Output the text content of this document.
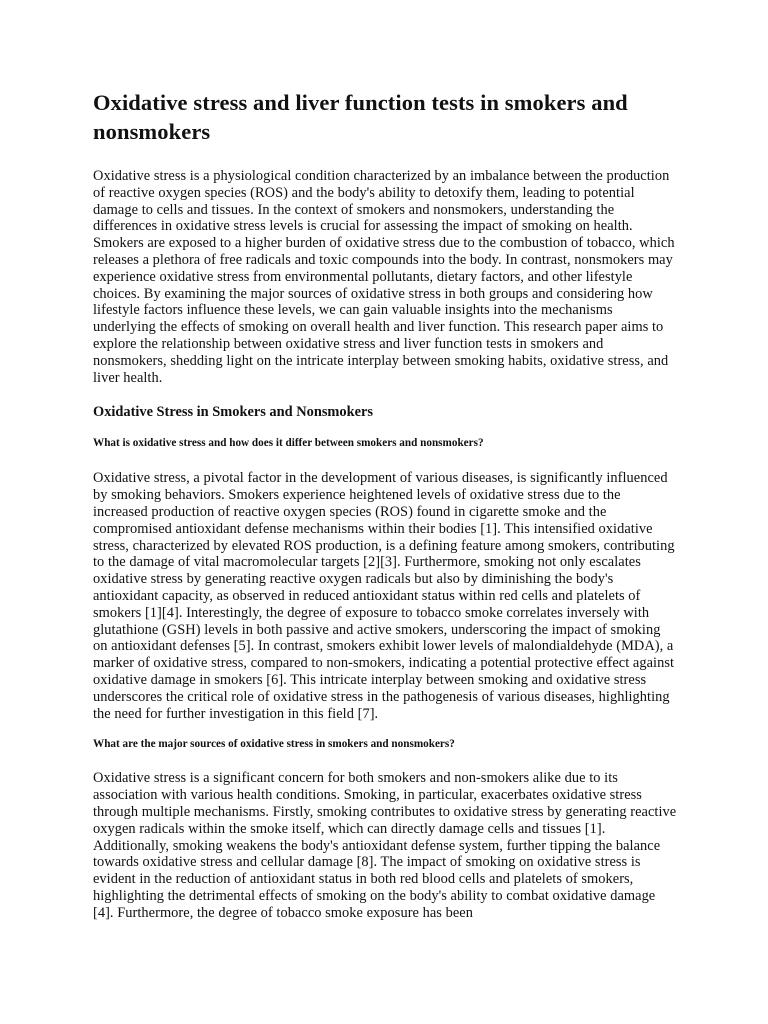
Oxidative stress and liver function tests in smokers and nonsmokers

Oxidative stress is a physiological condition characterized by an imbalance between the production of reactive oxygen species (ROS) and the body's ability to detoxify them, leading to potential damage to cells and tissues. In the context of smokers and nonsmokers, understanding the differences in oxidative stress levels is crucial for assessing the impact of smoking on health. Smokers are exposed to a higher burden of oxidative stress due to the combustion of tobacco, which releases a plethora of free radicals and toxic compounds into the body. In contrast, nonsmokers may experience oxidative stress from environmental pollutants, dietary factors, and other lifestyle choices. By examining the major sources of oxidative stress in both groups and considering how lifestyle factors influence these levels, we can gain valuable insights into the mechanisms underlying the effects of smoking on overall health and liver function. This research paper aims to explore the relationship between oxidative stress and liver function tests in smokers and nonsmokers, shedding light on the intricate interplay between smoking habits, oxidative stress, and liver health.

Oxidative Stress in Smokers and Nonsmokers
What is oxidative stress and how does it differ between smokers and nonsmokers?

Oxidative stress, a pivotal factor in the development of various diseases, is significantly influenced by smoking behaviors. Smokers experience heightened levels of oxidative stress due to the increased production of reactive oxygen species (ROS) found in cigarette smoke and the compromised antioxidant defense mechanisms within their bodies [1]. This intensified oxidative stress, characterized by elevated ROS production, is a defining feature among smokers, contributing to the damage of vital macromolecular targets [2][3]. Furthermore, smoking not only escalates oxidative stress by generating reactive oxygen radicals but also by diminishing the body's antioxidant capacity, as observed in reduced antioxidant status within red cells and platelets of smokers [1][4]. Interestingly, the degree of exposure to tobacco smoke correlates inversely with glutathione (GSH) levels in both passive and active smokers, underscoring the impact of smoking on antioxidant defenses [5]. In contrast, smokers exhibit lower levels of malondialdehyde (MDA), a marker of oxidative stress, compared to non-smokers, indicating a potential protective effect against oxidative damage in smokers [6]. This intricate interplay between smoking and oxidative stress underscores the critical role of oxidative stress in the pathogenesis of various diseases, highlighting the need for further investigation in this field [7].

What are the major sources of oxidative stress in smokers and nonsmokers?

Oxidative stress is a significant concern for both smokers and non-smokers alike due to its association with various health conditions. Smoking, in particular, exacerbates oxidative stress through multiple mechanisms. Firstly, smoking contributes to oxidative stress by generating reactive oxygen radicals within the smoke itself, which can directly damage cells and tissues [1]. Additionally, smoking weakens the body's antioxidant defense system, further tipping the balance towards oxidative stress and cellular damage [8]. The impact of smoking on oxidative stress is evident in the reduction of antioxidant status in both red blood cells and platelets of smokers, highlighting the detrimental effects of smoking on the body's ability to combat oxidative damage [4]. Furthermore, the degree of tobacco smoke exposure has been
